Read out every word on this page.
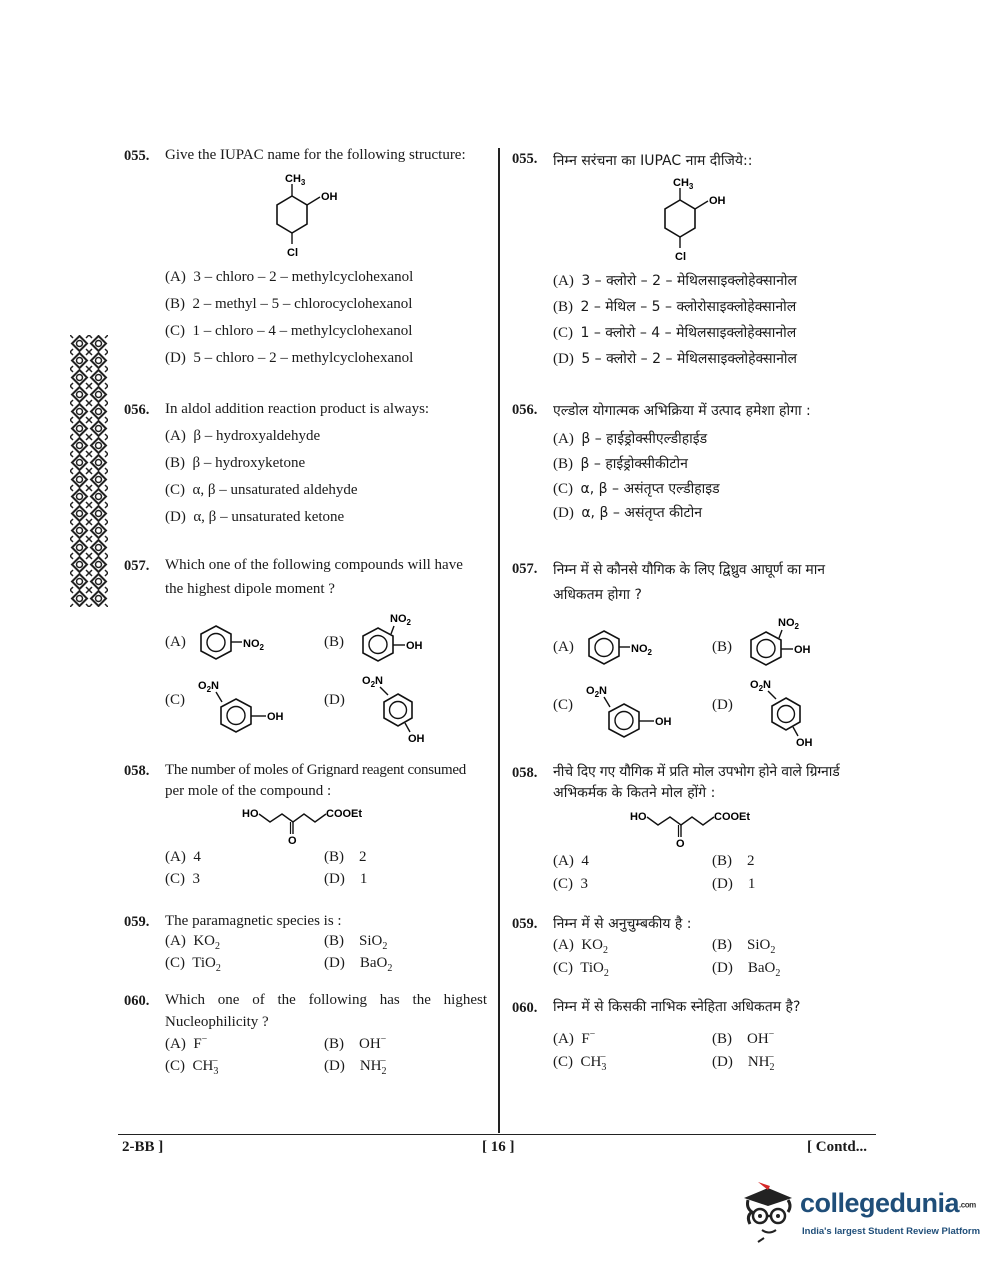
055. Give the IUPAC name for the following structure:
$CH_3$
OH
Cl
(A) 3 – chloro – 2 – methylcyclohexanol
(B) 2 – methyl – 5 – chlorocyclohexanol
(C) 1 – chloro – 4 – methylcyclohexanol
(D) 5 – chloro – 2 – methylcyclohexanol
056. In aldol addition reaction product is always:
(A) β – hydroxyaldehyde
(B) β – hydroxyketone
(C) α, β – unsaturated aldehyde
(D) α, β – unsaturated ketone
057. Which one of the following compounds will have
the highest dipole moment ?
(A)	$NO_2$	(B)
$NO_2$
OH
(C)
$O_2N$
OH
(D)
$O_2N$
OH
058. The number of moles of Grignard reagent consumed
per mole of the compound :
HO
O
COOEt
(A) 4	(B) 2
(C) 3	(D) 1
059. The paramagnetic species is :
(A) $KO_2$	(B) SiO$_2$
(C) TiO$_2$	(D) BaO$_2$
060. Which one of the following has the highest
Nucleophilicity ?
(A) F−	(B) OH−
(C) $CH_3^-$	(D) $NH_2^-$
055. निम्न सरंचना का IUPAC नाम दीजिये::
$CH_3$
OH
Cl
(A) 3 – क्लोरो – 2 – मेथिलसाइक्लोहेक्सानोल
(B) 2 – मेथिल – 5 – क्लोरोसाइक्लोहेक्सानोल
(C) 1 – क्लोरो – 4 – मेथिलसाइक्लोहेक्सानोल
(D) 5 – क्लोरो – 2 – मेथिलसाइक्लोहेक्सानोल
056. एल्डोल योगात्मक अभिक्रिया में उत्पाद हमेशा होगा :
(A) β – हाईड्रोक्सीएल्डीहाईड
(B) β – हाईड्रोक्सीकीटोन
(C) α, β – असंतृप्त एल्डीहाइड
(D) α, β – असंतृप्त कीटोन
057. निम्न में से कौनसे यौगिक के लिए द्विध्रुव आघूर्ण का मान
अधिकतम होगा ?
(A)	$NO_2$	(B)
$NO_2$
OH
(C)
$O_2N$
OH
(D)
$O_2N$
OH
058. नीचे दिए गए यौगिक में प्रति मोल उपभोग होने वाले ग्रिग्नार्ड
अभिकर्मक के कितने मोल होंगे :
HO
O
COOEt
(A) 4	(B) 2
(C) 3	(D) 1
059. निम्न में से अनुचुम्बकीय है :
(A) $KO_2$	(B) SiO$_2$
(C) TiO$_2$	(D) BaO$_2$
060. निम्न में से किसकी नाभिक स्नेहिता अधिकतम है?
(A) F−	(B) OH−
(C) $CH_3^-$	(D) $NH_2^-$
2-BB ]	[ 16 ]	[ Contd...
collegedunia.com
India's largest Student Review Platform
